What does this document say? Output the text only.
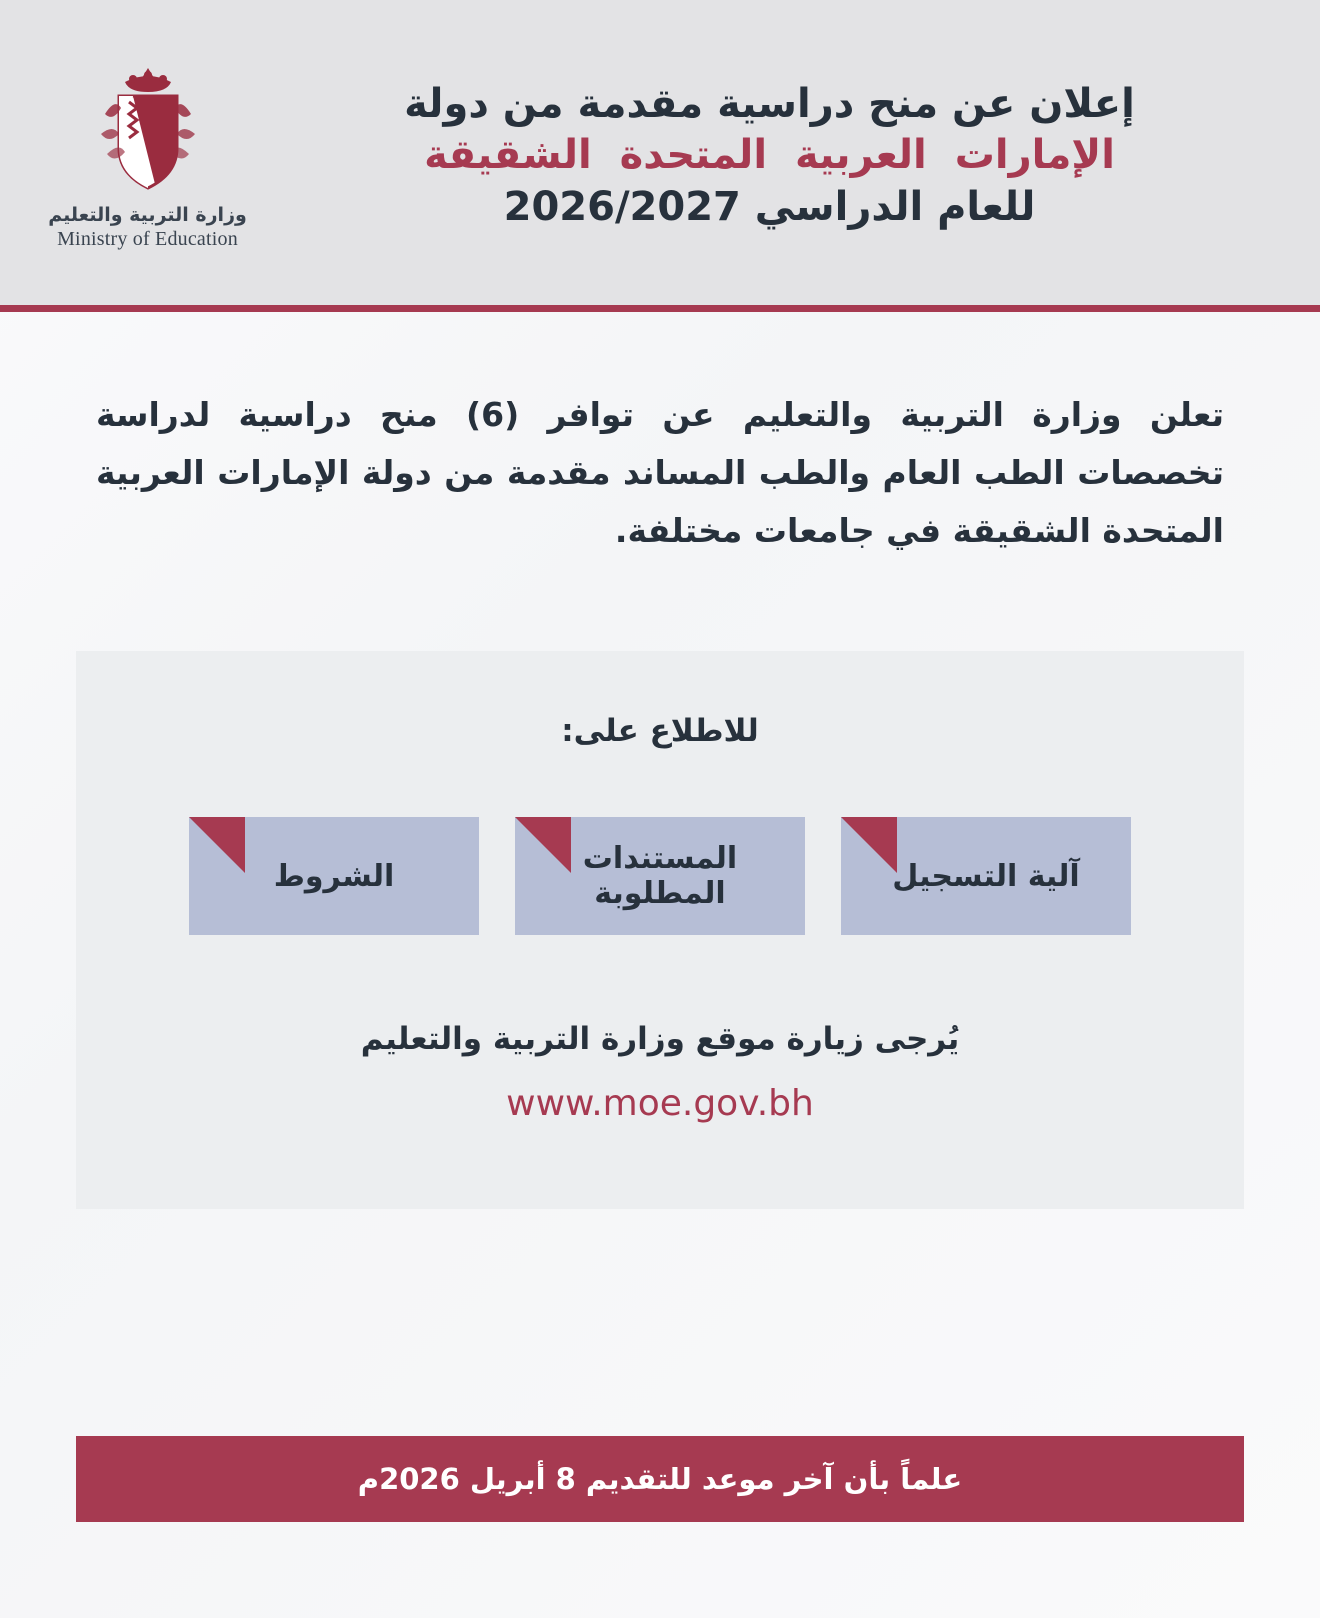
وزارة التربية والتعليم
Ministry of Education
إعلان عن منح دراسية مقدمة من دولة
الإمارات العربية المتحدة الشقيقة
للعام الدراسي 2026/2027

تعلن وزارة التربية والتعليم عن توافر (6) منح دراسية لدراسة تخصصات الطب العام والطب المساند مقدمة من دولة الإمارات العربية المتحدة الشقيقة في جامعات مختلفة.

للاطلاع على:
الشروط	المستندات المطلوبة	آلية التسجيل
يُرجى زيارة موقع وزارة التربية والتعليم
www.moe.gov.bh
علماً بأن آخر موعد للتقديم 8 أبريل 2026م
